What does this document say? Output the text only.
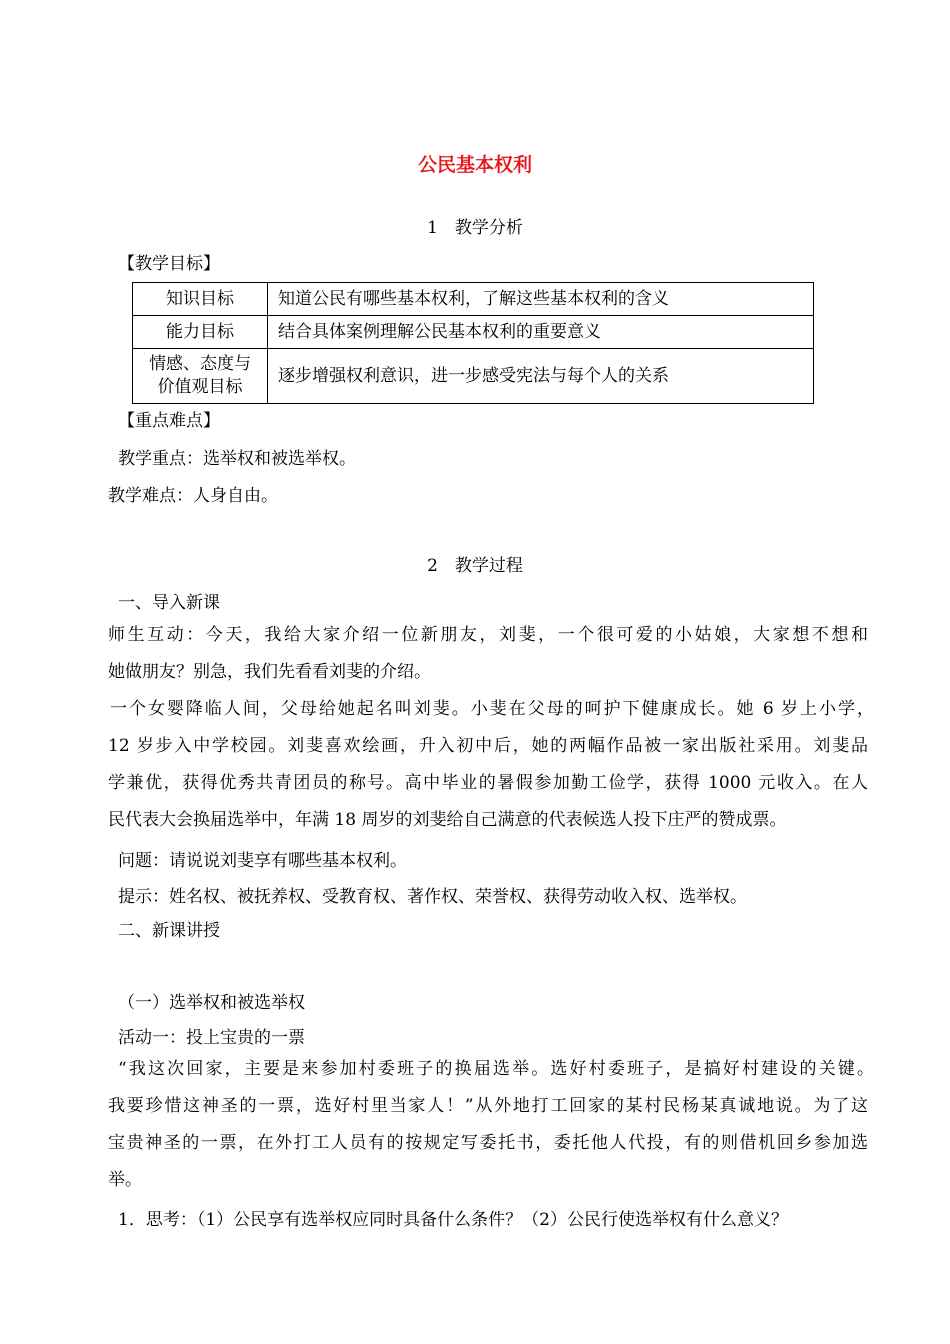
公民基本权利
1　教学分析
【教学目标】
知识目标	知道公民有哪些基本权利，了解这些基本权利的含义
能力目标	结合具体案例理解公民基本权利的重要意义

情感、态度与
价值观目标	逐步增强权利意识，进一步感受宪法与每个人的关系
【重点难点】
教学重点：选举权和被选举权。
教学难点：人身自由。
2　教学过程
一、导入新课
师生互动：今天，我给大家介绍一位新朋友，刘斐，一个很可爱的小姑娘，大家想不想和
她做朋友？别急，我们先看看刘斐的介绍。
一个女婴降临人间，父母给她起名叫刘斐。小斐在父母的呵护下健康成长。她 6 岁上小学，
12 岁步入中学校园。刘斐喜欢绘画，升入初中后，她的两幅作品被一家出版社采用。刘斐品
学兼优，获得优秀共青团员的称号。高中毕业的暑假参加勤工俭学，获得 1000 元收入。在人
民代表大会换届选举中，年满 18 周岁的刘斐给自己满意的代表候选人投下庄严的赞成票。
问题：请说说刘斐享有哪些基本权利。
提示：姓名权、被抚养权、受教育权、著作权、荣誉权、获得劳动收入权、选举权。
二、新课讲授
（一）选举权和被选举权
活动一：投上宝贵的一票
“我这次回家，主要是来参加村委班子的换届选举。选好村委班子，是搞好村建设的关键。
我要珍惜这神圣的一票，选好村里当家人！”从外地打工回家的某村民杨某真诚地说。为了这
宝贵神圣的一票，在外打工人员有的按规定写委托书，委托他人代投，有的则借机回乡参加选
举。
1．思考：（1）公民享有选举权应同时具备什么条件？（2）公民行使选举权有什么意义？
